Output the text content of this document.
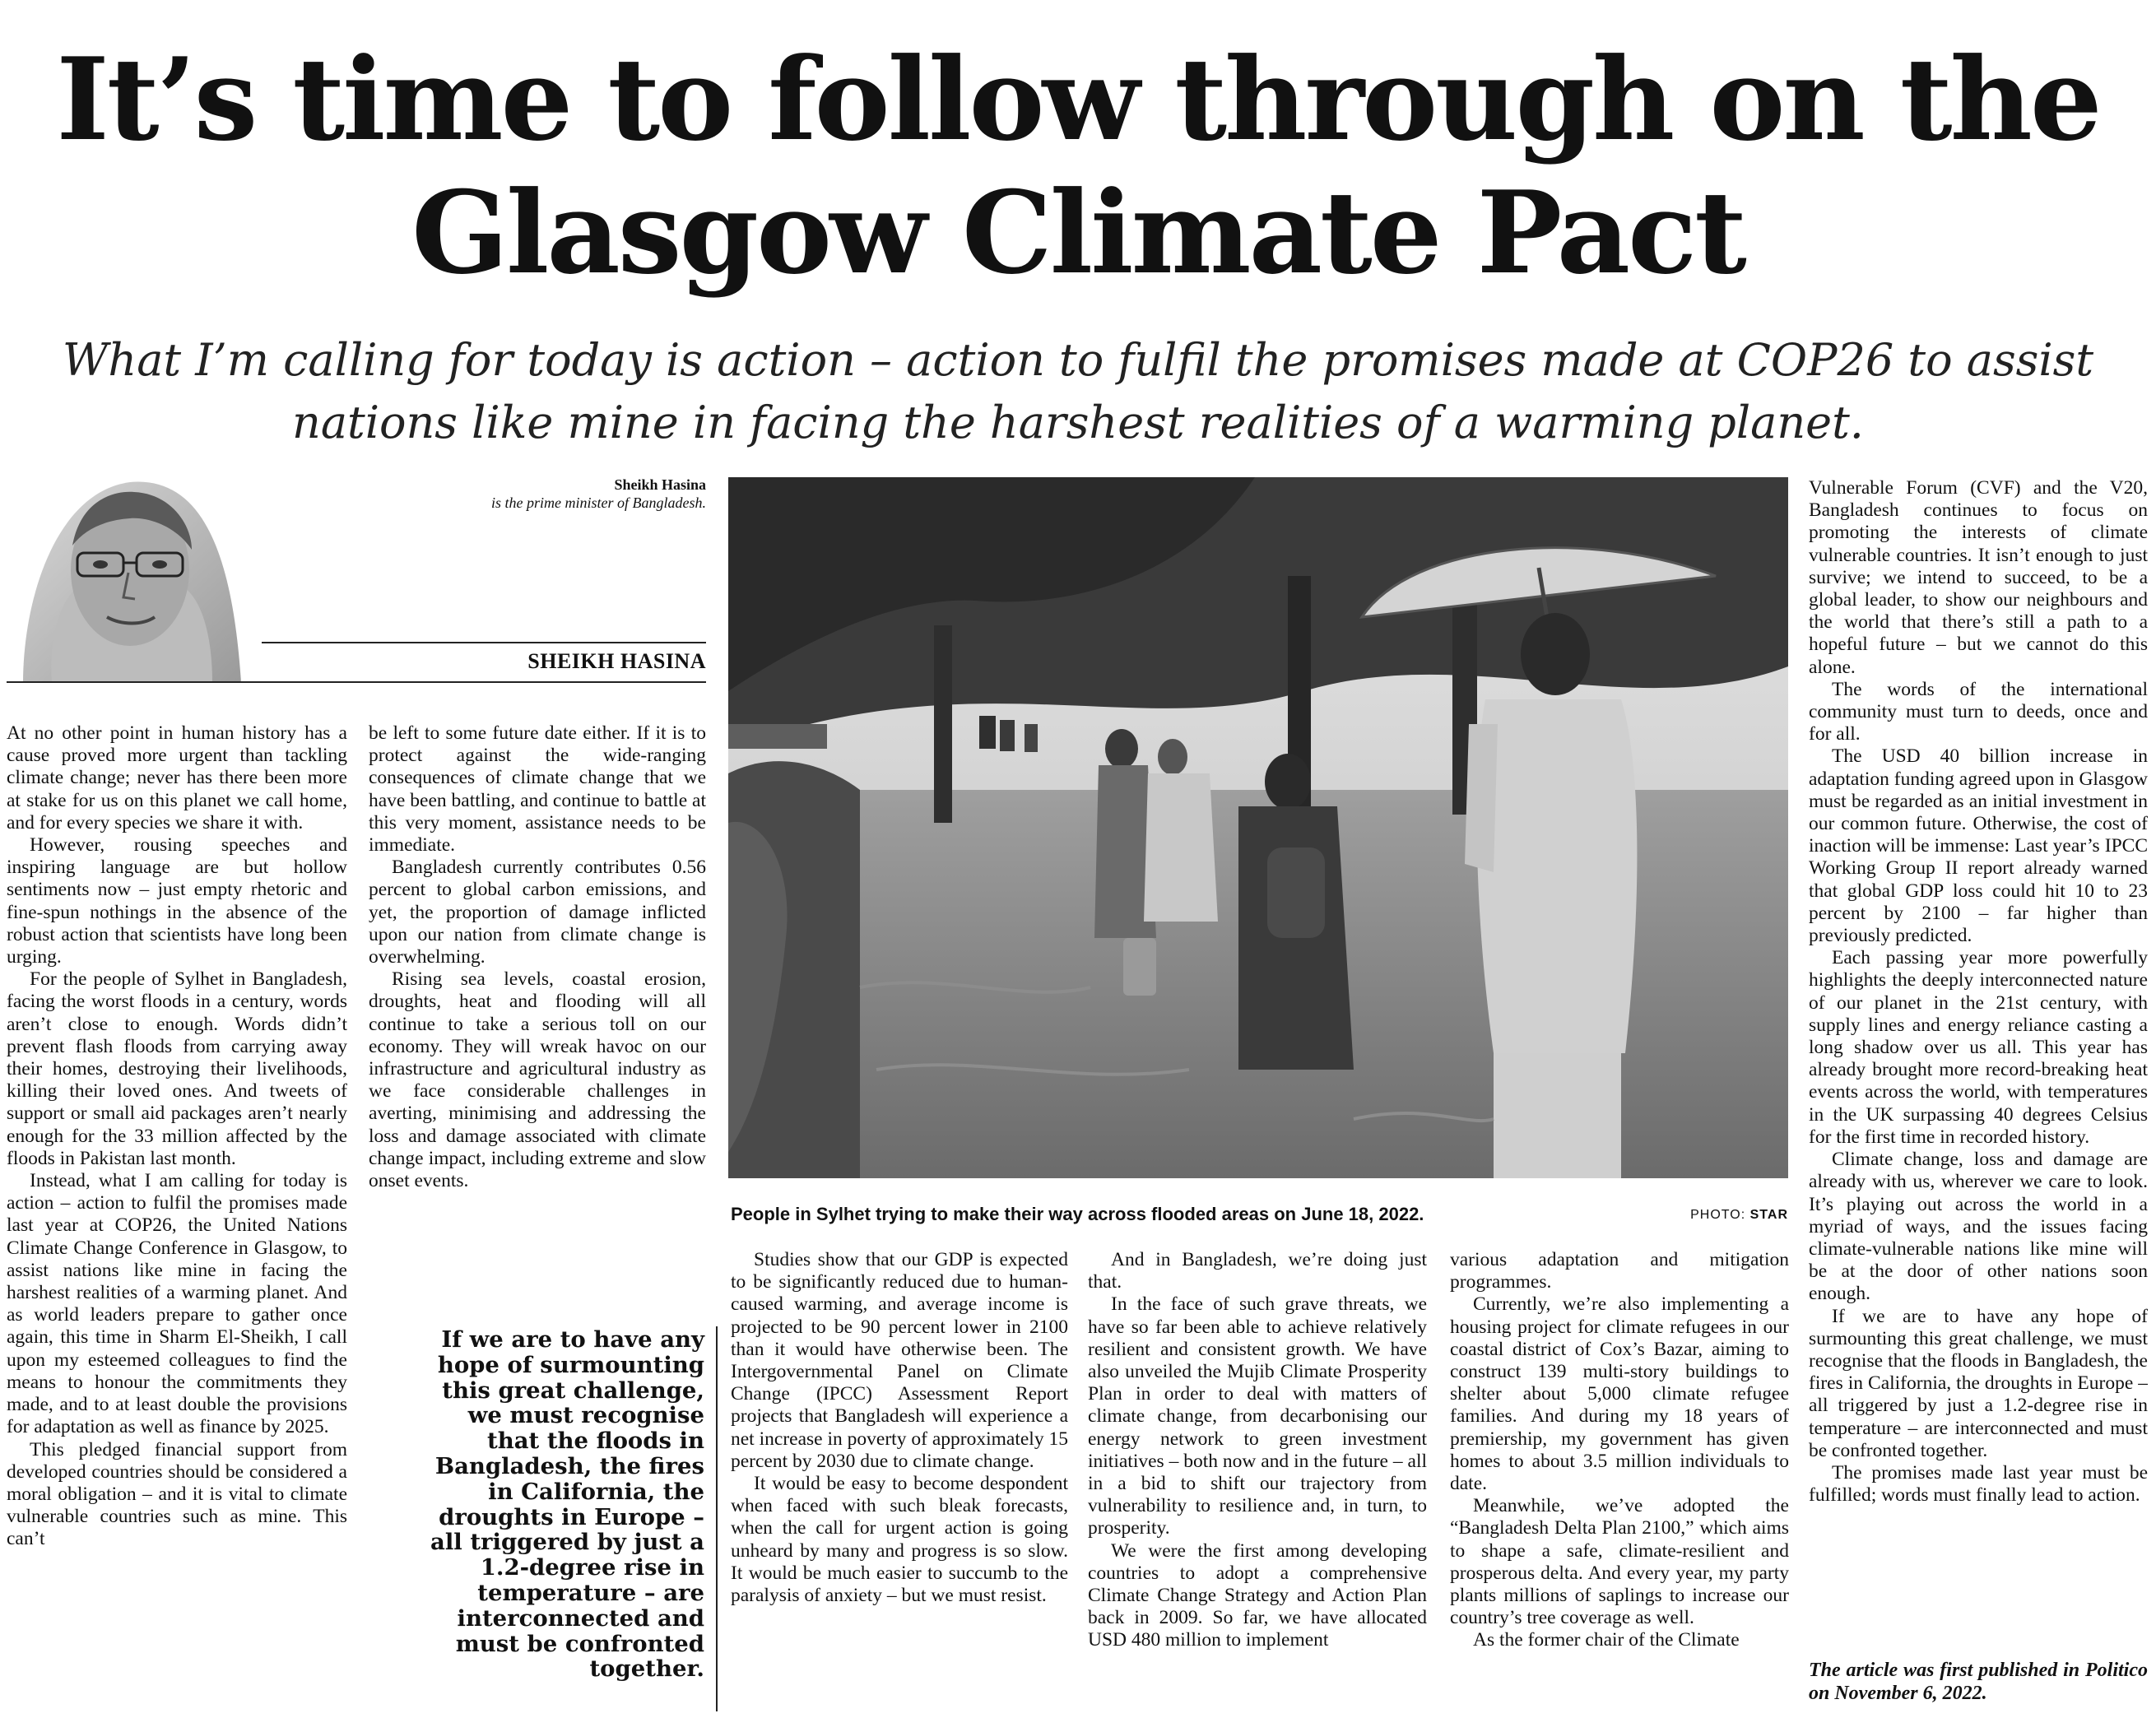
It’s time to follow through on the Glasgow Climate Pact
What I’m calling for today is action – action to fulfil the promises made at COP26 to assist nations like mine in facing the harshest realities of a warming planet.
Sheikh Hasina
is the prime minister of Bangladesh.
SHEIKH HASINA
People in Sylhet trying to make their way across flooded areas on June 18, 2022.	PHOTO: STAR

At no other point in human history has a cause proved more urgent than tackling climate change; never has there been more at stake for us on this planet we call home, and for every species we share it with.

However, rousing speeches and inspiring language are but hollow sentiments now – just empty rhetoric and fine-spun nothings in the absence of the robust action that scientists have long been urging.

For the people of Sylhet in Bangladesh, facing the worst floods in a century, words aren’t close to enough. Words didn’t prevent flash floods from carrying away their homes, destroying their livelihoods, killing their loved ones. And tweets of support or small aid packages aren’t nearly enough for the 33 million affected by the floods in Pakistan last month.

Instead, what I am calling for today is action – action to fulfil the promises made last year at COP26, the United Nations Climate Change Conference in Glasgow, to assist nations like mine in facing the harshest realities of a warming planet. And as world leaders prepare to gather once again, this time in Sharm El-Sheikh, I call upon my esteemed colleagues to find the means to honour the commitments they made, and to at least double the provisions for adaptation as well as finance by 2025.

This pledged financial support from developed countries should be considered a moral obligation – and it is vital to climate vulnerable countries such as mine. This can’t

be left to some future date either. If it is to protect against the wide-ranging consequences of climate change that we have been battling, and continue to battle at this very moment, assistance needs to be immediate.

Bangladesh currently contributes 0.56 percent to global carbon emissions, and yet, the proportion of damage inflicted upon our nation from climate change is overwhelming.

Rising sea levels, coastal erosion, droughts, heat and flooding will all continue to take a serious toll on our economy. They will wreak havoc on our infrastructure and agricultural industry as we face considerable challenges in averting, minimising and addressing the loss and damage associated with climate change impact, including extreme and slow onset events.

If we are to have any hope of surmounting this great challenge, we must recognise that the floods in Bangladesh, the fires in California, the droughts in Europe – all triggered by just a 1.2-degree rise in temperature – are interconnected and must be confronted together.

Studies show that our GDP is expected to be significantly reduced due to human-caused warming, and average income is projected to be 90 percent lower in 2100 than it would have otherwise been. The Intergovernmental Panel on Climate Change (IPCC) Assessment Report projects that Bangladesh will experience a net increase in poverty of approximately 15 percent by 2030 due to climate change.

It would be easy to become despondent when faced with such bleak forecasts, when the call for urgent action is going unheard by many and progress is so slow. It would be much easier to succumb to the paralysis of anxiety – but we must resist.

And in Bangladesh, we’re doing just that.

In the face of such grave threats, we have so far been able to achieve relatively resilient and consistent growth. We have also unveiled the Mujib Climate Prosperity Plan in order to deal with matters of climate change, from decarbonising our energy network to green investment initiatives – both now and in the future – all in a bid to shift our trajectory from vulnerability to resilience and, in turn, to prosperity.

We were the first among developing countries to adopt a comprehensive Climate Change Strategy and Action Plan back in 2009. So far, we have allocated USD 480 million to implement

various adaptation and mitigation programmes.

Currently, we’re also implementing a housing project for climate refugees in our coastal district of Cox’s Bazar, aiming to construct 139 multi-story buildings to shelter about 5,000 climate refugee families. And during my 18 years of premiership, my government has given homes to about 3.5 million individuals to date.

Meanwhile, we’ve adopted the “Bangladesh Delta Plan 2100,” which aims to shape a safe, climate-resilient and prosperous delta. And every year, my party plants millions of saplings to increase our country’s tree coverage as well.

As the former chair of the Climate

Vulnerable Forum (CVF) and the V20, Bangladesh continues to focus on promoting the interests of climate vulnerable countries. It isn’t enough to just survive; we intend to succeed, to be a global leader, to show our neighbours and the world that there’s still a path to a hopeful future – but we cannot do this alone.

The words of the international community must turn to deeds, once and for all.

The USD 40 billion increase in adaptation funding agreed upon in Glasgow must be regarded as an initial investment in our common future. Otherwise, the cost of inaction will be immense: Last year’s IPCC Working Group II report already warned that global GDP loss could hit 10 to 23 percent by 2100 – far higher than previously predicted.

Each passing year more powerfully highlights the deeply interconnected nature of our planet in the 21st century, with supply lines and energy reliance casting a long shadow over us all. This year has already brought more record-breaking heat events across the world, with temperatures in the UK surpassing 40 degrees Celsius for the first time in recorded history.

Climate change, loss and damage are already with us, wherever we care to look. It’s playing out across the world in a myriad of ways, and the issues facing climate-vulnerable nations like mine will be at the door of other nations soon enough.

If we are to have any hope of surmounting this great challenge, we must recognise that the floods in Bangladesh, the fires in California, the droughts in Europe – all triggered by just a 1.2-degree rise in temperature – are interconnected and must be confronted together.

The promises made last year must be fulfilled; words must finally lead to action.

The article was first published in Politico on November 6, 2022.
